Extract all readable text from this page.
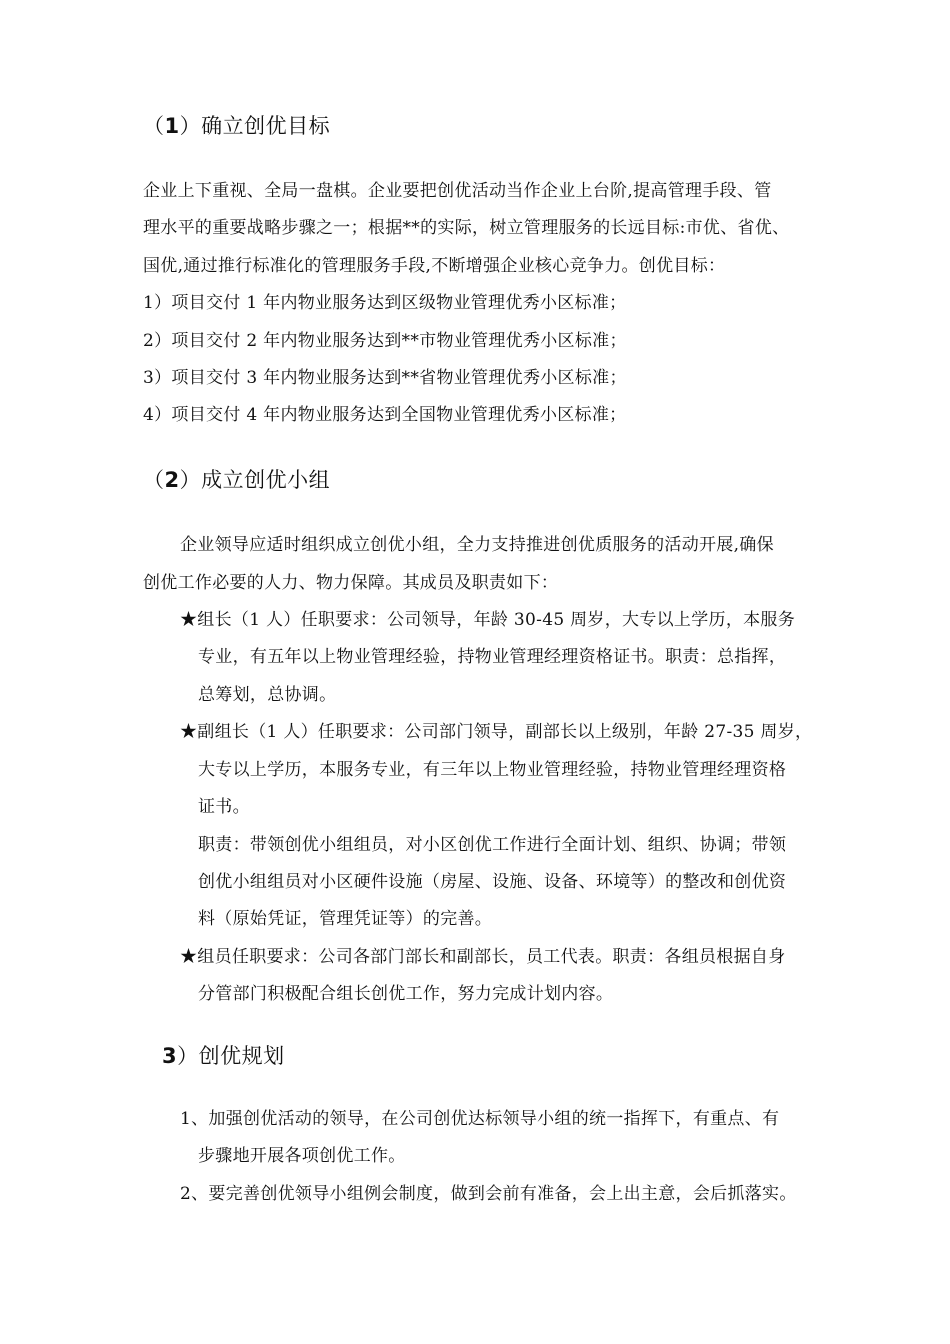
（1）确立创优目标
企业上下重视、全局一盘棋。企业要把创优活动当作企业上台阶,提高管理手段、管
理水平的重要战略步骤之一；根据**的实际，树立管理服务的长远目标:市优、省优、
国优,通过推行标准化的管理服务手段,不断增强企业核心竞争力。创优目标：
1）项目交付 1 年内物业服务达到区级物业管理优秀小区标准；
2）项目交付 2 年内物业服务达到**市物业管理优秀小区标准；
3）项目交付 3 年内物业服务达到**省物业管理优秀小区标准；
4）项目交付 4 年内物业服务达到全国物业管理优秀小区标准；
（2）成立创优小组
企业领导应适时组织成立创优小组，全力支持推进创优质服务的活动开展,确保
创优工作必要的人力、物力保障。其成员及职责如下：
★组长（1 人）任职要求：公司领导，年龄 30-45 周岁，大专以上学历，本服务
专业，有五年以上物业管理经验，持物业管理经理资格证书。职责：总指挥，
总筹划，总协调。
★副组长（1 人）任职要求：公司部门领导，副部长以上级别，年龄 27-35 周岁，
大专以上学历，本服务专业，有三年以上物业管理经验，持物业管理经理资格
证书。
职责：带领创优小组组员，对小区创优工作进行全面计划、组织、协调；带领
创优小组组员对小区硬件设施（房屋、设施、设备、环境等）的整改和创优资
料（原始凭证，管理凭证等）的完善。
★组员任职要求：公司各部门部长和副部长，员工代表。职责：各组员根据自身
分管部门积极配合组长创优工作，努力完成计划内容。
3）创优规划
1、加强创优活动的领导，在公司创优达标领导小组的统一指挥下，有重点、有
步骤地开展各项创优工作。
2、要完善创优领导小组例会制度，做到会前有准备，会上出主意，会后抓落实。
